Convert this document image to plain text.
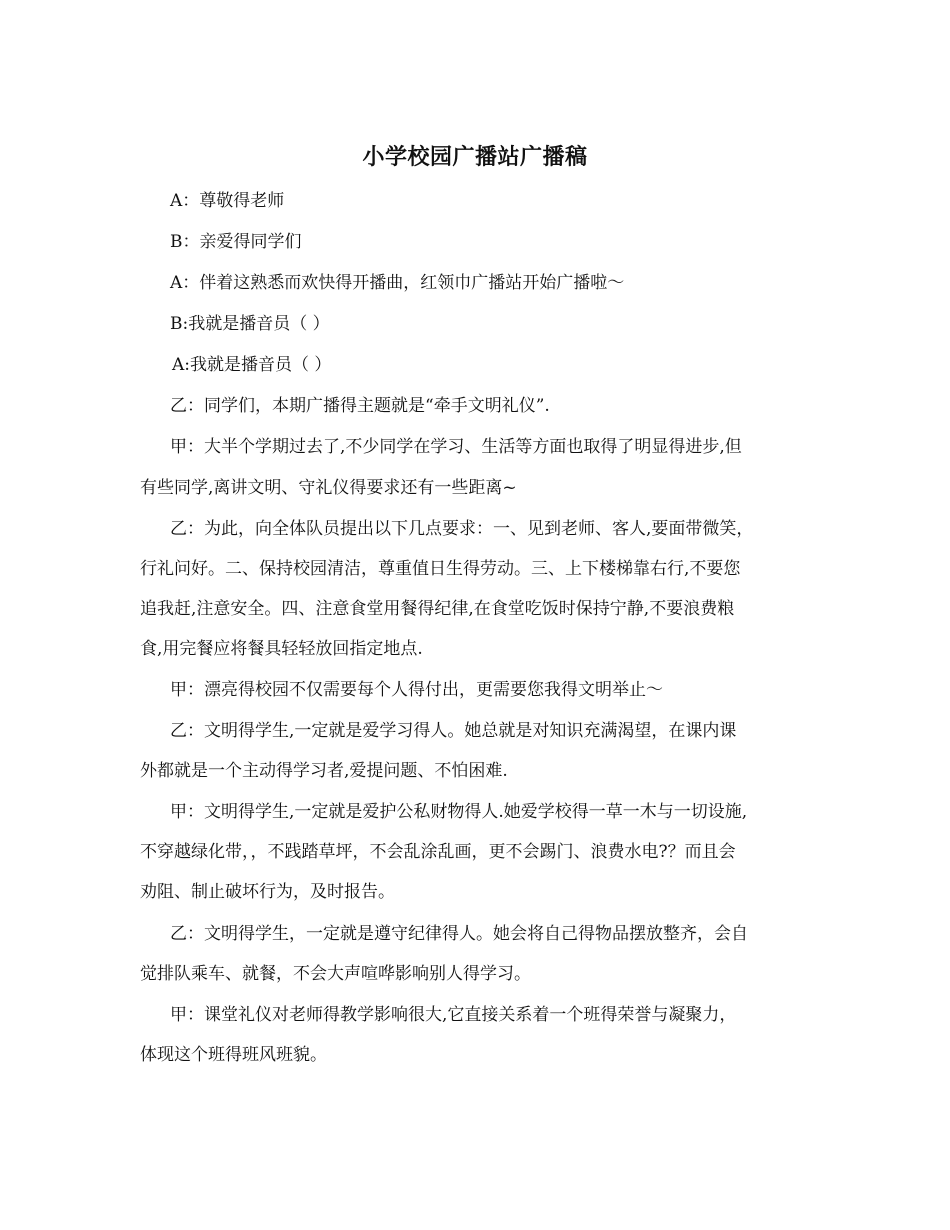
小学校园广播站广播稿
A：尊敬得老师
B：亲爱得同学们
A：伴着这熟悉而欢快得开播曲，红领巾广播站开始广播啦～
B:我就是播音员（ ）
A:我就是播音员（ ）
乙：同学们，本期广播得主题就是“牵手文明礼仪”.
甲：大半个学期过去了,不少同学在学习、生活等方面也取得了明显得进步,但
有些同学,离讲文明、守礼仪得要求还有一些距离~
乙：为此，向全体队员提出以下几点要求：一、见到老师、客人,要面带微笑，
行礼问好。二、保持校园清洁，尊重值日生得劳动。三、上下楼梯靠右行,不要您
追我赶,注意安全。四、注意食堂用餐得纪律,在食堂吃饭时保持宁静,不要浪费粮
食,用完餐应将餐具轻轻放回指定地点.
甲：漂亮得校园不仅需要每个人得付出，更需要您我得文明举止～
乙：文明得学生,一定就是爱学习得人。她总就是对知识充满渴望，在课内课
外都就是一个主动得学习者,爱提问题、不怕困难.
甲：文明得学生,一定就是爱护公私财物得人.她爱学校得一草一木与一切设施,
不穿越绿化带，，不践踏草坪，不会乱涂乱画，更不会踢门、浪费水电?？而且会
劝阻、制止破坏行为，及时报告。
乙：文明得学生，一定就是遵守纪律得人。她会将自己得物品摆放整齐，会自
觉排队乘车、就餐，不会大声喧哗影响别人得学习。
甲：课堂礼仪对老师得教学影响很大,它直接关系着一个班得荣誉与凝聚力，
体现这个班得班风班貌。
